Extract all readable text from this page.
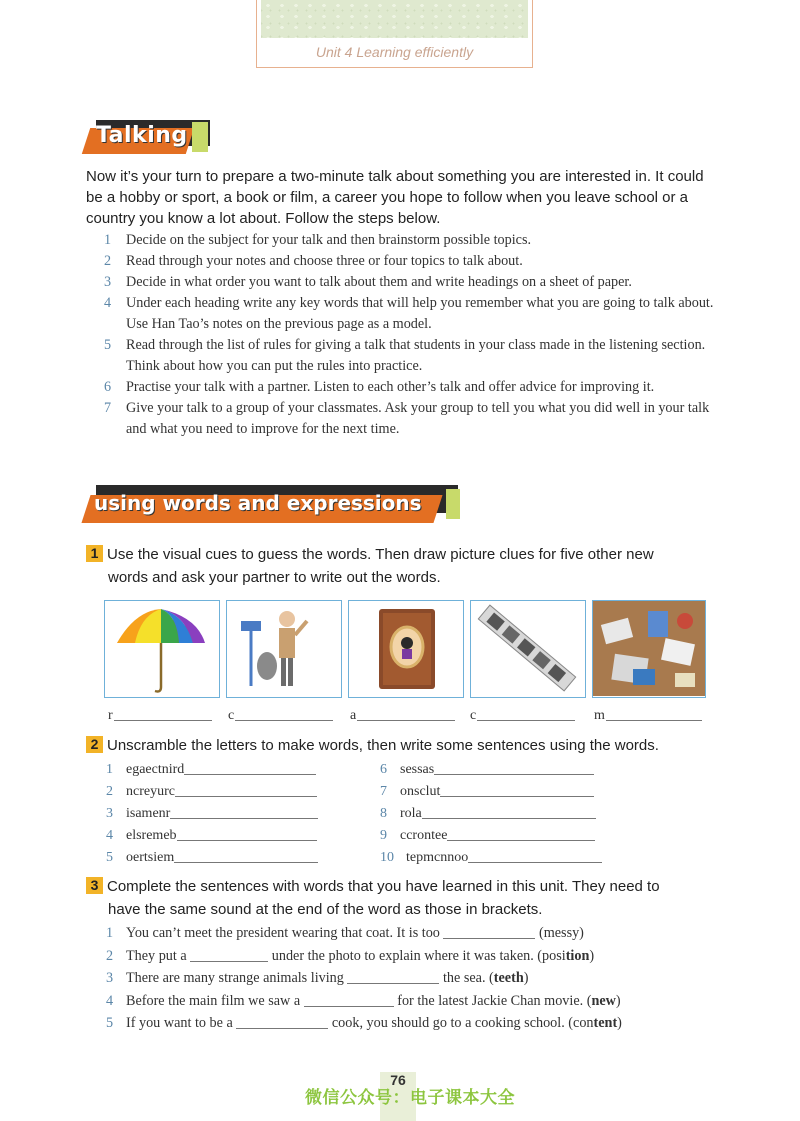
Unit 4 Learning efficiently
Talking
Now it’s your turn to prepare a two-minute talk about something you are interested in. It could be a hobby or sport, a book or film, a career you hope to follow when you leave school or a country you know a lot about. Follow the steps below.
1 Decide on the subject for your talk and then brainstorm possible topics.
2 Read through your notes and choose three or four topics to talk about.
3 Decide in what order you want to talk about them and write headings on a sheet of paper.
4 Under each heading write any key words that will help you remember what you are going to talk about. Use Han Tao’s notes on the previous page as a model.
5 Read through the list of rules for giving a talk that students in your class made in the listening section. Think about how you can put the rules into practice.
6 Practise your talk with a partner. Listen to each other’s talk and offer advice for improving it.
7 Give your talk to a group of your classmates. Ask your group to tell you what you did well in your talk and what you need to improve for the next time.
using words and expressions
1 Use the visual cues to guess the words. Then draw picture clues for five other new
words and ask your partner to write out the words.
r	c	a	c	m
2 Unscramble the letters to make words, then write some sentences using the words.
1 egaectnird
2 ncreyurc
3 isamenr
4 elsremeb
5 oertsiem
6 sessas
7 onsclut
8 rola
9 ccrontee
10 tepmcnnoo
3 Complete the sentences with words that you have learned in this unit. They need to
have the same sound at the end of the word as those in brackets.
1 You can’t meet the president wearing that coat. It is too	(messy)
2 They put a	under the photo to explain where it was taken. (position)
3 There are many strange animals living	the sea. (teeth)
4 Before the main film we saw a	for the latest Jackie Chan movie. (new)
5 If you want to be a	cook, you should go to a cooking school. (content)
76
微信公众号：电子课本大全
